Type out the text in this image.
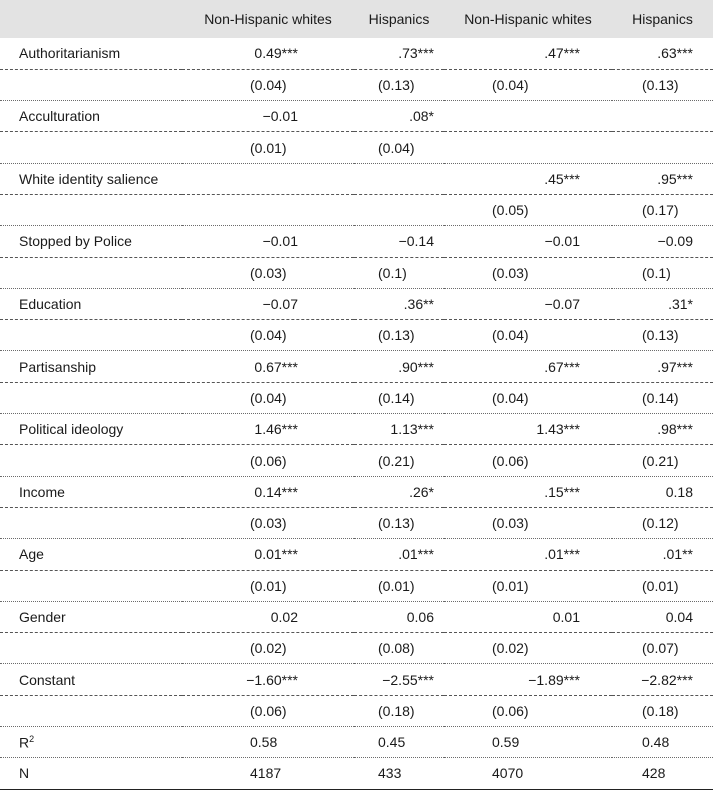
	Non-Hispanic whites	Hispanics	Non-Hispanic whites	Hispanics
Authoritarianism	0.49***	.73***	.47***	.63***
	(0.04)	(0.13)	(0.04)	(0.13)
Acculturation	−0.01	.08*		
	(0.01)	(0.04)		
White identity salience			.45***	.95***
			(0.05)	(0.17)
Stopped by Police	−0.01	−0.14	−0.01	−0.09
	(0.03)	(0.1)	(0.03)	(0.1)
Education	−0.07	.36**	−0.07	.31*
	(0.04)	(0.13)	(0.04)	(0.13)
Partisanship	0.67***	.90***	.67***	.97***
	(0.04)	(0.14)	(0.04)	(0.14)
Political ideology	1.46***	1.13***	1.43***	.98***
	(0.06)	(0.21)	(0.06)	(0.21)
Income	0.14***	.26*	.15***	0.18
	(0.03)	(0.13)	(0.03)	(0.12)
Age	0.01***	.01***	.01***	.01**
	(0.01)	(0.01)	(0.01)	(0.01)
Gender	0.02	0.06	0.01	0.04
	(0.02)	(0.08)	(0.02)	(0.07)
Constant	−1.60***	−2.55***	−1.89***	−2.82***
	(0.06)	(0.18)	(0.06)	(0.18)
$R^2$	0.58	0.45	0.59	0.48
N	4187	433	4070	428
